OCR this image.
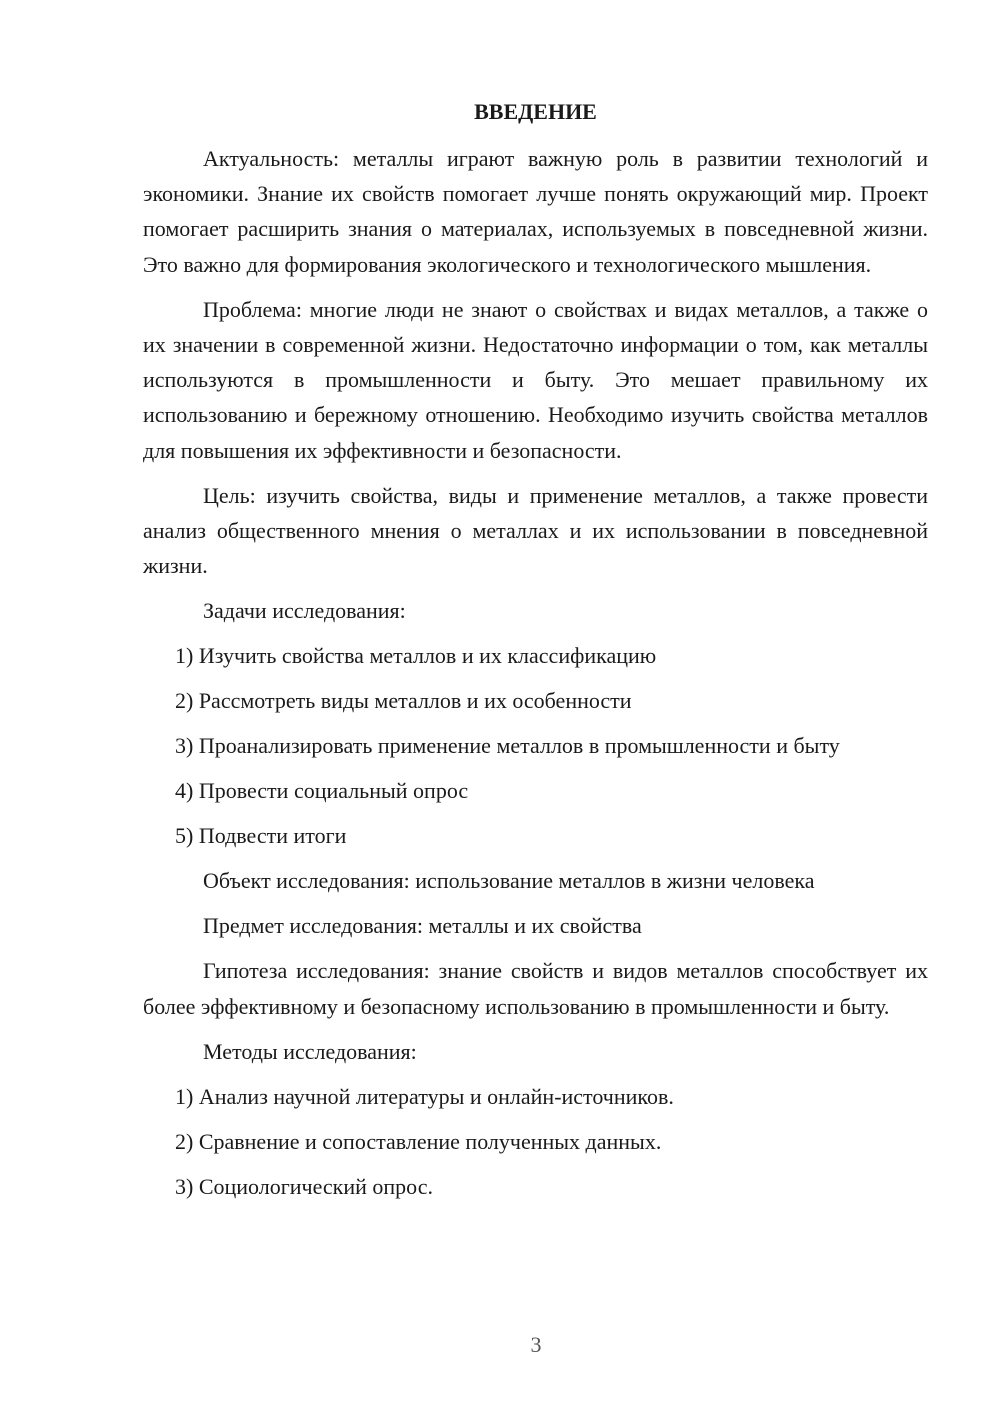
ВВЕДЕНИЕ

Актуальность: металлы играют важную роль в развитии технологий и экономики. Знание их свойств помогает лучше понять окружающий мир. Проект помогает расширить знания о материалах, используемых в повседневной жизни. Это важно для формирования экологического и технологического мышления.

Проблема: многие люди не знают о свойствах и видах металлов, а также о их значении в современной жизни. Недостаточно информации о том, как металлы используются в промышленности и быту. Это мешает правильному их использованию и бережному отношению. Необходимо изучить свойства металлов для повышения их эффективности и безопасности.

Цель: изучить свойства, виды и применение металлов, а также провести анализ общественного мнения о металлах и их использовании в повседневной жизни.

Задачи исследования:

1) Изучить свойства металлов и их классификацию

2) Рассмотреть виды металлов и их особенности

3) Проанализировать применение металлов в промышленности и быту

4) Провести социальный опрос

5) Подвести итоги

Объект исследования: использование металлов в жизни человека

Предмет исследования: металлы и их свойства

Гипотеза исследования: знание свойств и видов металлов способствует их более эффективному и безопасному использованию в промышленности и быту.

Методы исследования:

1) Анализ научной литературы и онлайн-источников.

2) Сравнение и сопоставление полученных данных.

3) Социологический опрос.

3
